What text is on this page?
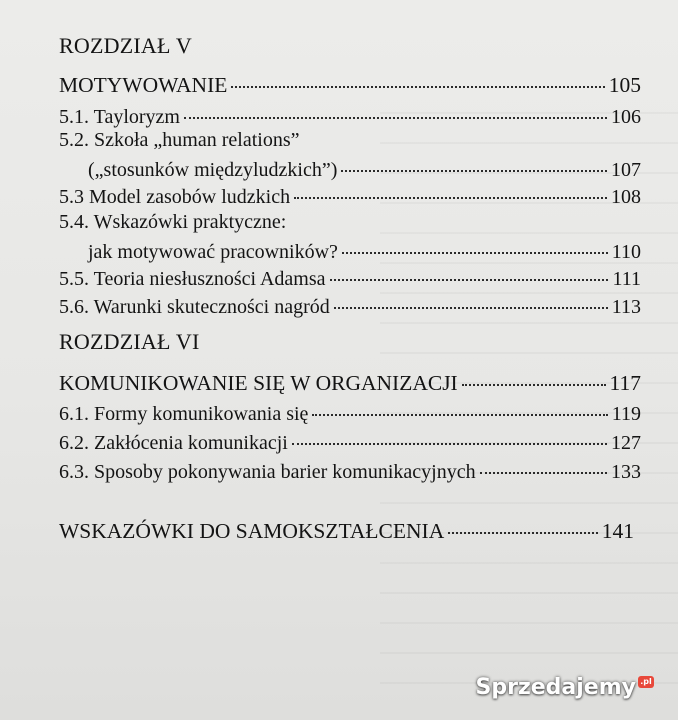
ROZDZIAŁ V
MOTYWOWANIE	105
5.1. Tayloryzm	106
5.2. Szkoła „human relations”
(„stosunków międzyludzkich”)	107
5.3 Model zasobów ludzkich	108
5.4. Wskazówki praktyczne:
jak motywować pracowników?	110
5.5. Teoria niesłuszności Adamsa	111
5.6. Warunki skuteczności nagród	113
ROZDZIAŁ VI
KOMUNIKOWANIE SIĘ W ORGANIZACJI	117
6.1. Formy komunikowania się	119
6.2. Zakłócenia komunikacji	127
6.3. Sposoby pokonywania barier komunikacyjnych	133
WSKAZÓWKI DO SAMOKSZTAŁCENIA	141
Sprzedajemy .pl
